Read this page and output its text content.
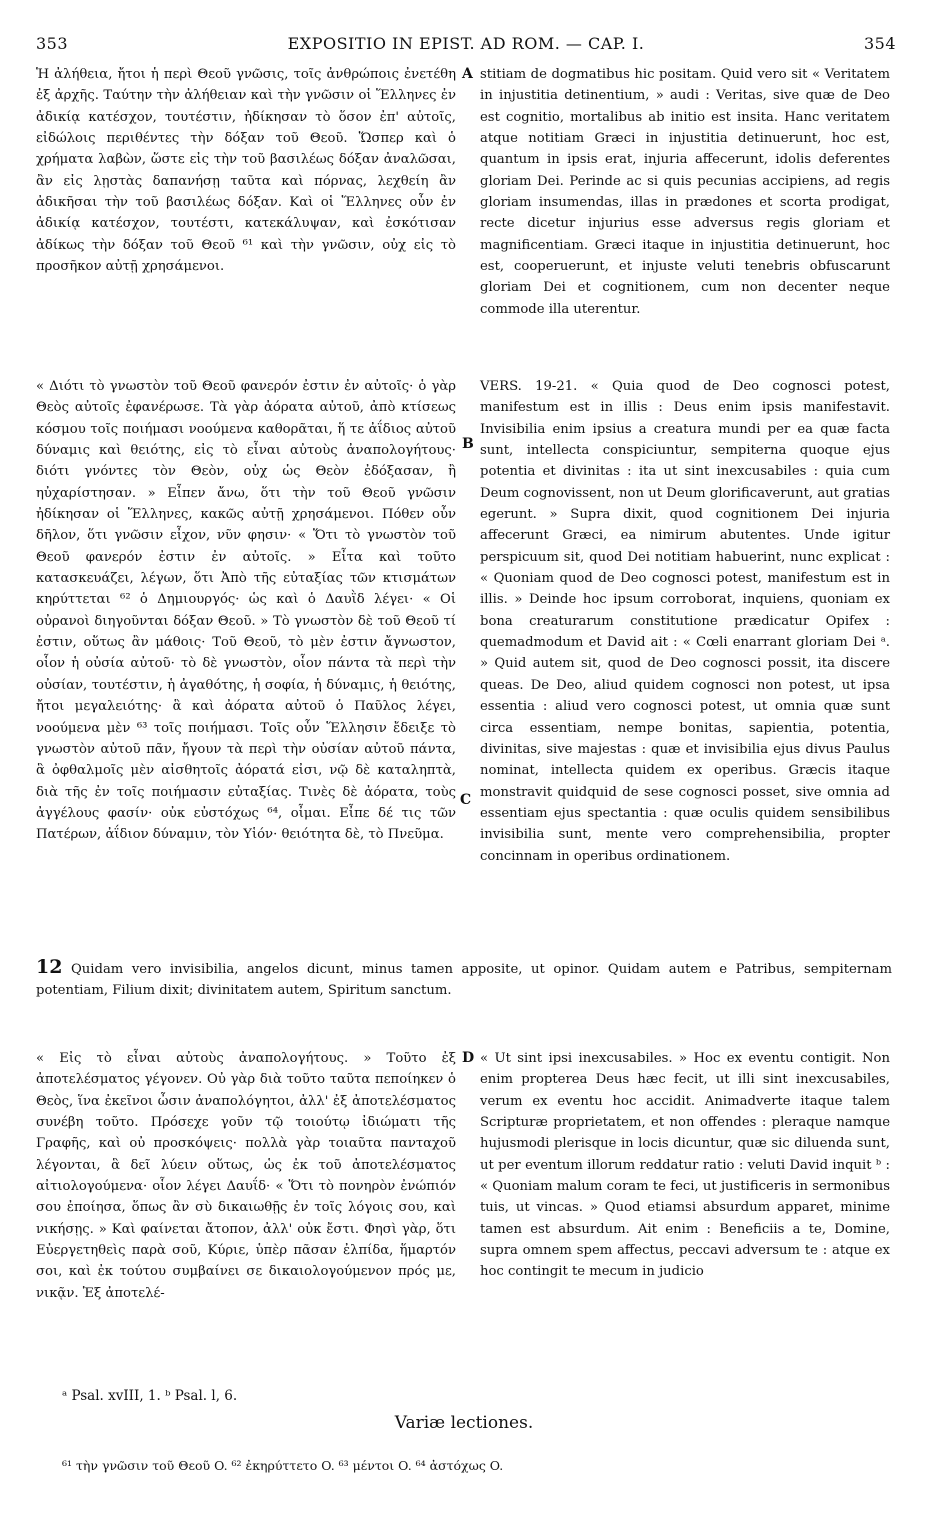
353	EXPOSITIO IN EPIST. AD ROM. — CAP. I.	354

Ἡ ἀλήθεια, ἤτοι ἡ περὶ Θεοῦ γνῶσις, τοῖς ἀνθρώποις ἐνετέθη ἐξ ἀρχῆς. Ταύτην τὴν ἀλήθειαν καὶ τὴν γνῶσιν οἱ Ἕλληνες ἐν ἀδικίᾳ κατέσχον, τουτέστιν, ἠδίκησαν τὸ ὅσον ἐπ' αὐτοῖς, εἰδώλοις περιθέντες τὴν δόξαν τοῦ Θεοῦ. Ὥσπερ καὶ ὁ χρήματα λαβὼν, ὥστε εἰς τὴν τοῦ βασιλέως δόξαν ἀναλῶσαι, ἂν εἰς λῃστὰς δαπανήσῃ ταῦτα καὶ πόρνας, λεχθείη ἂν ἀδικῆσαι τὴν τοῦ βασιλέως δόξαν. Καὶ οἱ Ἕλληνες οὖν ἐν ἀδικίᾳ κατέσχον, τουτέστι, κατεκάλυψαν, καὶ ἐσκότισαν ἀδίκως τὴν δόξαν τοῦ Θεοῦ ⁶¹ καὶ τὴν γνῶσιν, οὐχ εἰς τὸ προσῆκον αὐτῇ χρησάμενοι.

A stitiam de dogmatibus hic positam. Quid vero sit « Veritatem in injustitia detinentium, » audi : Veritas, sive quæ de Deo est cognitio, mortalibus ab initio est insita. Hanc veritatem atque notitiam Græci in injustitia detinuerunt, hoc est, quantum in ipsis erat, injuria affecerunt, idolis deferentes gloriam Dei. Perinde ac si quis pecunias accipiens, ad regis gloriam insumendas, illas in prædones et scorta prodigat, recte dicetur injurius esse adversus regis gloriam et magnificentiam. Græci itaque in injustitia detinuerunt, hoc est, cooperuerunt, et injuste veluti tenebris obfuscarunt gloriam Dei et cognitionem, cum non decenter neque commode illa uterentur.

« Διότι τὸ γνωστὸν τοῦ Θεοῦ φανερόν ἐστιν ἐν αὐτοῖς· ὁ γὰρ Θεὸς αὐτοῖς ἐφανέρωσε. Τὰ γὰρ ἀόρατα αὐτοῦ, ἀπὸ κτίσεως κόσμου τοῖς ποιήμασι νοούμενα καθορᾶται, ἥ τε ἀΐδιος αὐτοῦ δύναμις καὶ θειότης, εἰς τὸ εἶναι αὐτοὺς ἀναπολογήτους· διότι γνόντες τὸν Θεὸν, οὐχ ὡς Θεὸν ἐδόξασαν, ἢ ηὐχαρίστησαν. » Εἶπεν ἄνω, ὅτι τὴν τοῦ Θεοῦ γνῶσιν ἠδίκησαν οἱ Ἕλληνες, κακῶς αὐτῇ χρησάμενοι. Πόθεν οὖν δῆλον, ὅτι γνῶσιν εἶχον, νῦν φησιν· « Ὅτι τὸ γνωστὸν τοῦ Θεοῦ φανερόν ἐστιν ἐν αὐτοῖς. » Εἶτα καὶ τοῦτο κατασκευάζει, λέγων, ὅτι Ἀπὸ τῆς εὐταξίας τῶν κτισμάτων κηρύττεται ⁶² ὁ Δημιουργός· ὡς καὶ ὁ Δαυῒδ λέγει· « Οἱ οὐρανοὶ διηγοῦνται δόξαν Θεοῦ. » Τὸ γνωστὸν δὲ τοῦ Θεοῦ τί ἐστιν, οὕτως ἂν μάθοις· Τοῦ Θεοῦ, τὸ μὲν ἐστιν ἄγνωστον, οἷον ἡ οὐσία αὐτοῦ· τὸ δὲ γνωστὸν, οἷον πάντα τὰ περὶ τὴν οὐσίαν, τουτέστιν, ἡ ἀγαθότης, ἡ σοφία, ἡ δύναμις, ἡ θειότης, ἤτοι μεγαλειότης· ἃ καὶ ἀόρατα αὐτοῦ ὁ Παῦλος λέγει, νοούμενα μὲν ⁶³ τοῖς ποιήμασι. Τοῖς οὖν Ἕλλησιν ἔδειξε τὸ γνωστὸν αὐτοῦ πᾶν, ἤγουν τὰ περὶ τὴν οὐσίαν αὐτοῦ πάντα, ἃ ὀφθαλμοῖς μὲν αἰσθητοῖς ἀόρατά εἰσι, νῷ δὲ καταληπτὰ, διὰ τῆς ἐν τοῖς ποιήμασιν εὐταξίας. Τινὲς δὲ ἀόρατα, τοὺς ἀγγέλους φασίν· οὐκ εὐστόχως ⁶⁴, οἶμαι. Εἶπε δέ τις τῶν Πατέρων, ἀΐδιον δύναμιν, τὸν Υἱόν· θειότητα δὲ, τὸ Πνεῦμα.

B
C

VERS. 19-21. « Quia quod de Deo cognosci potest, manifestum est in illis : Deus enim ipsis manifestavit. Invisibilia enim ipsius a creatura mundi per ea quæ facta sunt, intellecta conspiciuntur, sempiterna quoque ejus potentia et divinitas : ita ut sint inexcusabiles : quia cum Deum cognovissent, non ut Deum glorificaverunt, aut gratias egerunt. » Supra dixit, quod cognitionem Dei injuria affecerunt Græci, ea nimirum abutentes. Unde igitur perspicuum sit, quod Dei notitiam habuerint, nunc explicat : « Quoniam quod de Deo cognosci potest, manifestum est in illis. » Deinde hoc ipsum corroborat, inquiens, quoniam ex bona creaturarum constitutione prædicatur Opifex : quemadmodum et David ait : « Cœli enarrant gloriam Dei ᵃ. » Quid autem sit, quod de Deo cognosci possit, ita discere queas. De Deo, aliud quidem cognosci non potest, ut ipsa essentia : aliud vero cognosci potest, ut omnia quæ sunt circa essentiam, nempe bonitas, sapientia, potentia, divinitas, sive majestas : quæ et invisibilia ejus divus Paulus nominat, intellecta quidem ex operibus. Græcis itaque monstravit quidquid de sese cognosci posset, sive omnia ad essentiam ejus spectantia : quæ oculis quidem sensibilibus invisibilia sunt, mente vero comprehensibilia, propter concinnam in operibus ordinationem.

12 Quidam vero invisibilia, angelos dicunt, minus tamen apposite, ut opinor. Quidam autem e Patribus, sempiternam potentiam, Filium dixit; divinitatem autem, Spiritum sanctum.

« Εἰς τὸ εἶναι αὐτοὺς ἀναπολογήτους. » Τοῦτο ἐξ ἀποτελέσματος γέγονεν. Οὐ γὰρ διὰ τοῦτο ταῦτα πεποίηκεν ὁ Θεὸς, ἵνα ἐκεῖνοι ὦσιν ἀναπολόγητοι, ἀλλ' ἐξ ἀποτελέσματος συνέβη τοῦτο. Πρόσεχε γοῦν τῷ τοιούτῳ ἰδιώματι τῆς Γραφῆς, καὶ οὐ προσκόψεις· πολλὰ γὰρ τοιαῦτα πανταχοῦ λέγονται, ἃ δεῖ λύειν οὕτως, ὡς ἐκ τοῦ ἀποτελέσματος αἰτιολογούμενα· οἷον λέγει Δαυΐδ· « Ὅτι τὸ πονηρὸν ἐνώπιόν σου ἐποίησα, ὅπως ἂν σὺ δικαιωθῇς ἐν τοῖς λόγοις σου, καὶ νικήσῃς. » Καὶ φαίνεται ἄτοπον, ἀλλ' οὐκ ἔστι. Φησὶ γὰρ, ὅτι Εὐεργετηθεὶς παρὰ σοῦ, Κύριε, ὑπὲρ πᾶσαν ἐλπίδα, ἥμαρτόν σοι, καὶ ἐκ τούτου συμβαίνει σε δικαιολογούμενον πρός με, νικᾷν. Ἐξ ἀποτελέ-

D « Ut sint ipsi inexcusabiles. » Hoc ex eventu contigit. Non enim propterea Deus hæc fecit, ut illi sint inexcusabiles, verum ex eventu hoc accidit. Animadverte itaque talem Scripturæ proprietatem, et non offendes : pleraque namque hujusmodi plerisque in locis dicuntur, quæ sic diluenda sunt, ut per eventum illorum reddatur ratio : veluti David inquit ᵇ : « Quoniam malum coram te feci, ut justificeris in sermonibus tuis, ut vincas. » Quod etiamsi absurdum apparet, minime tamen est absurdum. Ait enim : Beneficiis a te, Domine, supra omnem spem affectus, peccavi adversum te : atque ex hoc contingit te mecum in judicio

ᵃ Psal. xvIII, 1. ᵇ Psal. l, 6.
Variæ lectiones.
⁶¹ τὴν γνῶσιν τοῦ Θεοῦ O. ⁶² ἐκηρύττετο O. ⁶³ μέντοι O. ⁶⁴ ἀστόχως O.
